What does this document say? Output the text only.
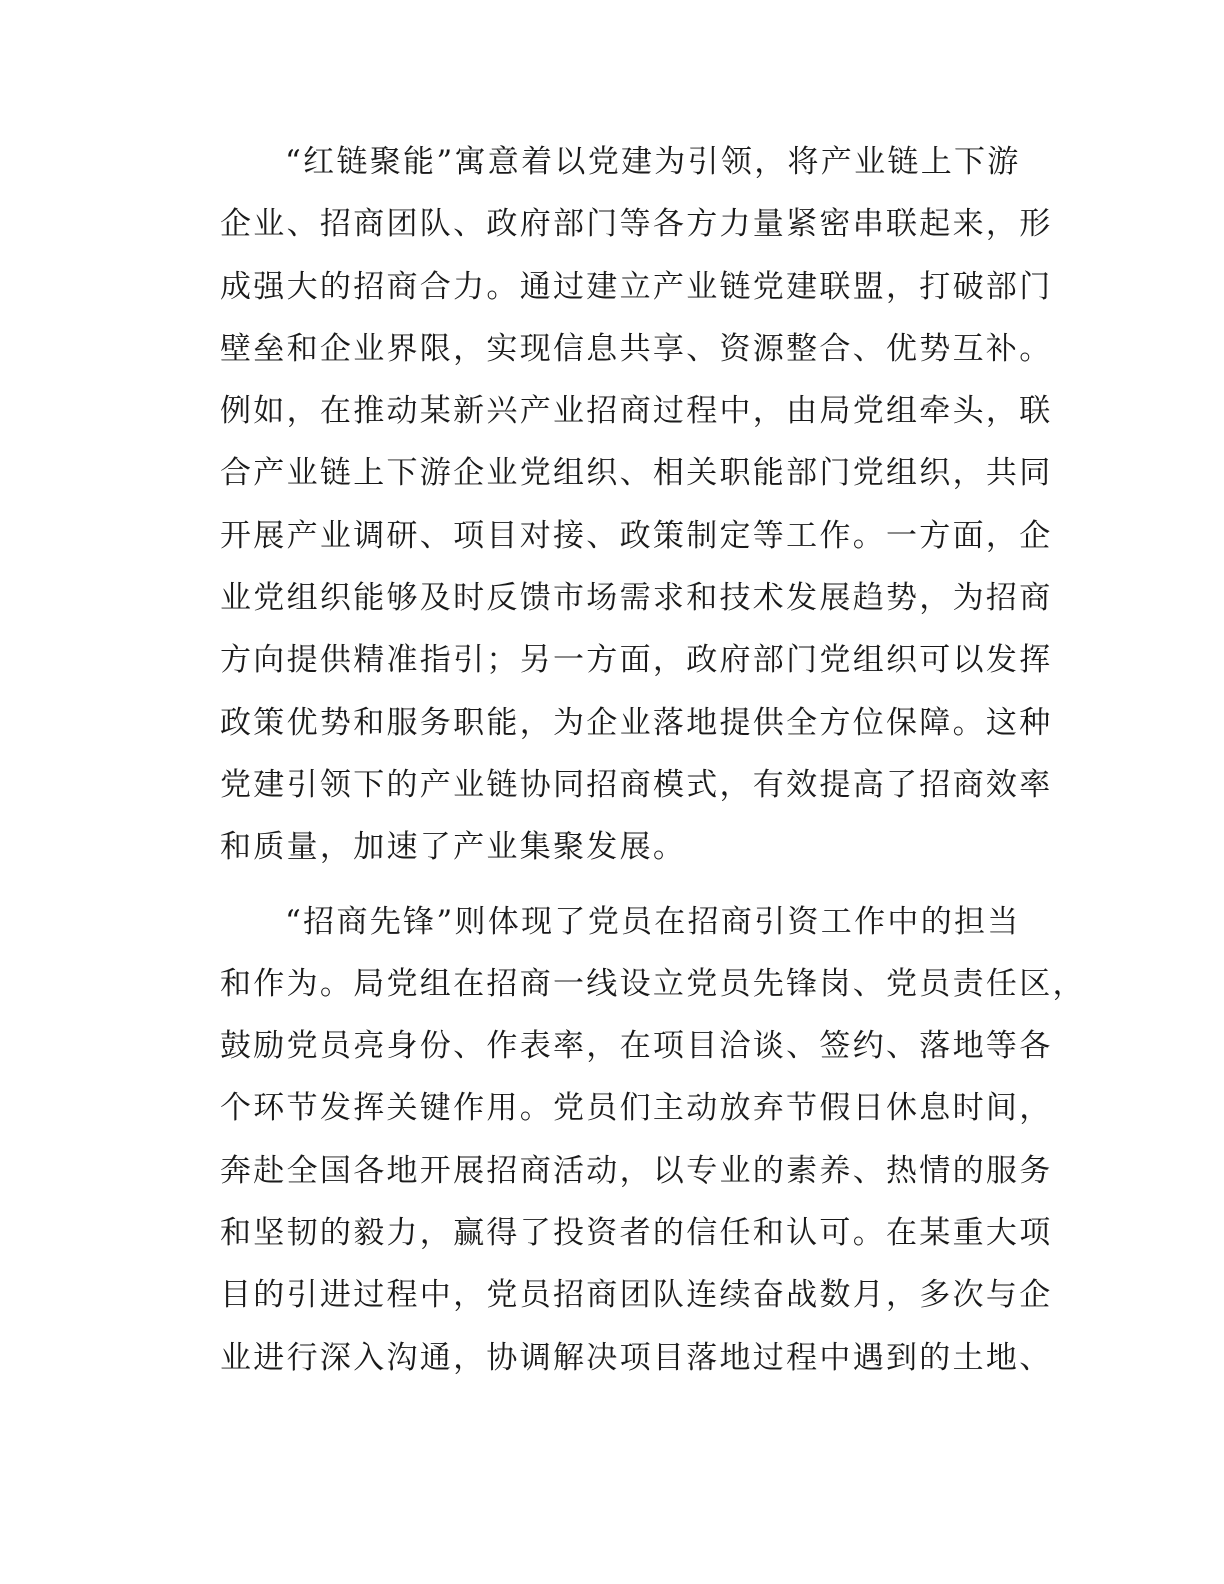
“红链聚能”寓意着以党建为引领，将产业链上下游
企业、招商团队、政府部门等各方力量紧密串联起来，形
成强大的招商合力。通过建立产业链党建联盟，打破部门
壁垒和企业界限，实现信息共享、资源整合、优势互补。
例如，在推动某新兴产业招商过程中，由局党组牵头，联
合产业链上下游企业党组织、相关职能部门党组织，共同
开展产业调研、项目对接、政策制定等工作。一方面，企
业党组织能够及时反馈市场需求和技术发展趋势，为招商
方向提供精准指引；另一方面，政府部门党组织可以发挥
政策优势和服务职能，为企业落地提供全方位保障。这种
党建引领下的产业链协同招商模式，有效提高了招商效率
和质量，加速了产业集聚发展。
“招商先锋”则体现了党员在招商引资工作中的担当
和作为。局党组在招商一线设立党员先锋岗、党员责任区，
鼓励党员亮身份、作表率，在项目洽谈、签约、落地等各
个环节发挥关键作用。党员们主动放弃节假日休息时间，
奔赴全国各地开展招商活动，以专业的素养、热情的服务
和坚韧的毅力，赢得了投资者的信任和认可。在某重大项
目的引进过程中，党员招商团队连续奋战数月，多次与企
业进行深入沟通，协调解决项目落地过程中遇到的土地、
